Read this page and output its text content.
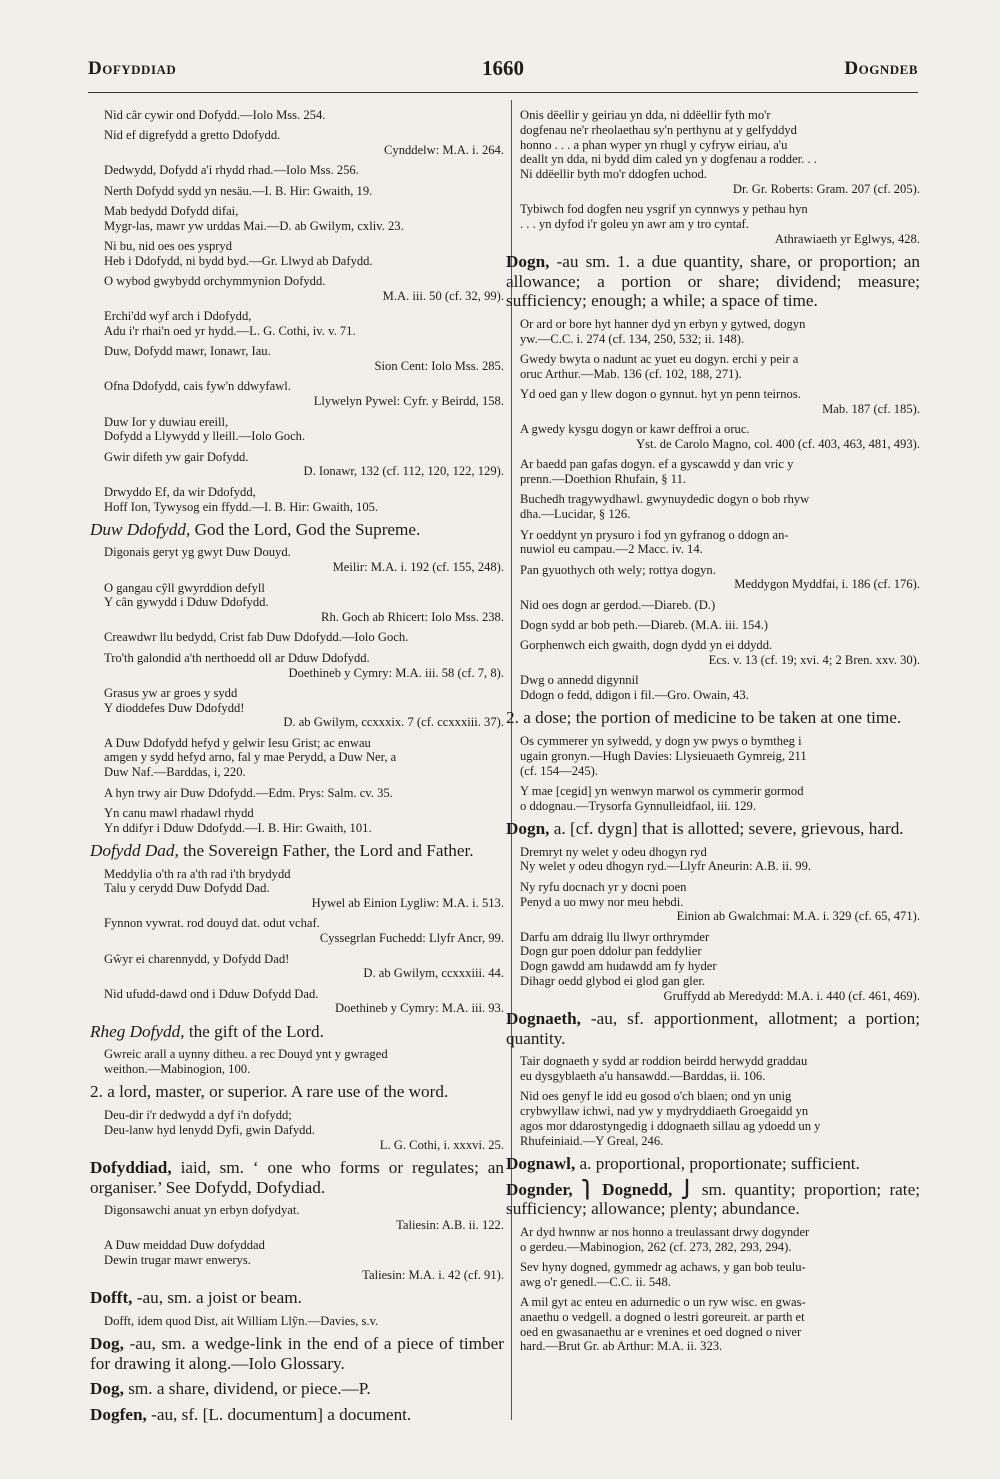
Dofyddiad	1660	Dogndeb
Nid câr cywir ond Dofydd.—Iolo Mss. 254.
Nid ef digrefydd a gretto Ddofydd.
Cynddelw: M.A. i. 264.
Dedwydd, Dofydd a'i rhydd rhad.—Iolo Mss. 256.
Nerth Dofydd sydd yn nesäu.—I. B. Hir: Gwaith, 19.
Mab bedydd Dofydd difai,
Mygr-las, mawr yw urddas Mai.—D. ab Gwilym, cxliv. 23.
Ni bu, nid oes oes yspryd
Heb i Ddofydd, ni bydd byd.—Gr. Llwyd ab Dafydd.
O wybod gwybydd orchymmynion Dofydd.
M.A. iii. 50 (cf. 32, 99).
Erchi'dd wyf arch i Ddofydd,
Adu i'r rhai'n oed yr hydd.—L. G. Cothi, iv. v. 71.
Duw, Dofydd mawr, Ionawr, Iau.
Sion Cent: Iolo Mss. 285.
Ofna Ddofydd, cais fyw'n ddwyfawl.
Llywelyn Pywel: Cyfr. y Beirdd, 158.
Duw Ior y duwiau ereill,
Dofydd a Llywydd y lleill.—Iolo Goch.
Gwir difeth yw gair Dofydd.
D. Ionawr, 132 (cf. 112, 120, 122, 129).
Drwyddo Ef, da wir Ddofydd,
Hoff Ion, Tywysog ein ffydd.—I. B. Hir: Gwaith, 105.
Duw Ddofydd, God the Lord, God the Supreme.
Digonais geryt yg gwyt Duw Douyd.
Meilir: M.A. i. 192 (cf. 155, 248).
O gangau cŷll gwyrddion defyll
Y cân gywydd i Dduw Ddofydd.
Rh. Goch ab Rhicert: Iolo Mss. 238.
Creawdwr llu bedydd, Crist fab Duw Ddofydd.—Iolo Goch.
Tro'th galondid a'th nerthoedd oll ar Dduw Ddofydd.
Doethineb y Cymry: M.A. iii. 58 (cf. 7, 8).
Grasus yw ar groes y sydd
Y dioddefes Duw Ddofydd!
D. ab Gwilym, ccxxxix. 7 (cf. ccxxxiii. 37).
A Duw Ddofydd hefyd y gelwir Iesu Grist; ac enwau
amgen y sydd hefyd arno, fal y mae Perydd, a Duw Ner, a
Duw Naf.—Barddas, i, 220.
A hyn trwy air Duw Ddofydd.—Edm. Prys: Salm. cv. 35.
Yn canu mawl rhadawl rhydd
Yn ddifyr i Dduw Ddofydd.—I. B. Hir: Gwaith, 101.
Dofydd Dad, the Sovereign Father, the Lord and Father.
Meddylia o'th ra a'th rad i'th brydydd
Talu y cerydd Duw Dofydd Dad.
Hywel ab Einion Lygliw: M.A. i. 513.
Fynnon vywrat. rod douyd dat. odut vchaf.
Cyssegrlan Fuchedd: Llyfr Ancr, 99.
Gŵyr ei charennydd, y Dofydd Dad!
D. ab Gwilym, ccxxxiii. 44.
Nid ufudd-dawd ond i Dduw Dofydd Dad.
Doethineb y Cymry: M.A. iii. 93.
Rheg Dofydd, the gift of the Lord.
Gwreic arall a uynny ditheu. a rec Douyd ynt y gwraged
weithon.—Mabinogion, 100.
2. a lord, master, or superior. A rare use of the word.
Deu-dir i'r dedwydd a dyf i'n dofydd;
Deu-lanw hyd lenydd Dyfi, gwin Dafydd.
L. G. Cothi, i. xxxvi. 25.
Dofyddiad, iaid, sm. ‘ one who forms or regulates; an organiser.’ See Dofydd, Dofydiad.
Digonsawchi anuat yn erbyn dofydyat.
Taliesin: A.B. ii. 122.
A Duw meiddad Duw dofyddad
Dewin trugar mawr enwerys.
Taliesin: M.A. i. 42 (cf. 91).
Dofft, -au, sm. a joist or beam.
Dofft, idem quod Dist, ait William Llŷn.—Davies, s.v.
Dog, -au, sm. a wedge-link in the end of a piece of timber for drawing it along.—Iolo Glossary.
Dog, sm. a share, dividend, or piece.—P.
Dogfen, -au, sf. [L. documentum] a document.
Onis dëellir y geiriau yn dda, ni ddëellir fyth mo'r
dogfenau ne'r rheolaethau sy'n perthynu at y gelfyddyd
honno . . . a phan wyper yn rhugl y cyfryw eiriau, a'u
deallt yn dda, ni bydd dim caled yn y dogfenau a rodder. . .
Ni ddëellir byth mo'r ddogfen uchod.
Dr. Gr. Roberts: Gram. 207 (cf. 205).
Tybiwch fod dogfen neu ysgrif yn cynnwys y pethau hyn
. . . yn dyfod i'r goleu yn awr am y tro cyntaf.
Athrawiaeth yr Eglwys, 428.
Dogn, -au sm. 1. a due quantity, share, or proportion; an allowance; a portion or share; dividend; measure; sufficiency; enough; a while; a space of time.
Or ard or bore hyt hanner dyd yn erbyn y gytwed, dogyn
yw.—C.C. i. 274 (cf. 134, 250, 532; ii. 148).
Gwedy bwyta o nadunt ac yuet eu dogyn. erchi y peir a
oruc Arthur.—Mab. 136 (cf. 102, 188, 271).
Yd oed gan y llew dogon o gynnut. hyt yn penn teirnos.
Mab. 187 (cf. 185).
A gwedy kysgu dogyn or kawr deffroi a oruc.
Yst. de Carolo Magno, col. 400 (cf. 403, 463, 481, 493).
Ar baedd pan gafas dogyn. ef a gyscawdd y dan vric y
prenn.—Doethion Rhufain, § 11.
Buchedh tragywydhawl. gwynuydedic dogyn o bob rhyw
dha.—Lucidar, § 126.
Yr oeddynt yn prysuro i fod yn gyfranog o ddogn an-
nuwiol eu campau.—2 Macc. iv. 14.
Pan gyuothych oth wely; rottya dogyn.
Meddygon Myddfai, i. 186 (cf. 176).
Nid oes dogn ar gerdod.—Diareb. (D.)
Dogn sydd ar bob peth.—Diareb. (M.A. iii. 154.)
Gorphenwch eich gwaith, dogn dydd yn ei ddydd.
Ecs. v. 13 (cf. 19; xvi. 4; 2 Bren. xxv. 30).
Dwg o annedd digynnil
Ddogn o fedd, ddigon i fil.—Gro. Owain, 43.
2. a dose; the portion of medicine to be taken at one time.
Os cymmerer yn sylwedd, y dogn yw pwys o bymtheg i
ugain gronyn.—Hugh Davies: Llysieuaeth Gymreig, 211
(cf. 154—245).
Y mae [cegid] yn wenwyn marwol os cymmerir gormod
o ddognau.—Trysorfa Gynnulleidfaol, iii. 129.
Dogn, a. [cf. dygn] that is allotted; severe, grievous, hard.
Dremryt ny welet y odeu dhogyn ryd
Ny welet y odeu dhogyn ryd.—Llyfr Aneurin: A.B. ii. 99.
Ny ryfu docnach yr y docni poen
Penyd a uo mwy nor meu hebdi.
Einion ab Gwalchmai: M.A. i. 329 (cf. 65, 471).
Darfu am ddraig llu llwyr orthrymder
Dogn gur poen ddolur pan feddylier
Dogn gawdd am hudawdd am fy hyder
Dihagr oedd glybod ei glod gan gler.
Gruffydd ab Meredydd: M.A. i. 440 (cf. 461, 469).
Dognaeth, -au, sf. apportionment, allotment; a portion; quantity.
Tair dognaeth y sydd ar roddion beirdd herwydd graddau
eu dysgyblaeth a'u hansawdd.—Barddas, ii. 106.
Nid oes genyf le idd eu gosod o'ch blaen; ond yn unig
crybwyllaw ichwi, nad yw y mydryddiaeth Groegaidd yn
agos mor ddarostyngedig i ddognaeth sillau ag ydoedd un y
Rhufeiniaid.—Y Greal, 246.
Dognawl, a. proportional, proportionate; sufficient.
Dognder, ⎫ Dognedd, ⎭ sm. quantity; proportion; rate; sufficiency; allowance; plenty; abundance.
Ar dyd hwnnw ar nos honno a treulassant drwy dogynder
o gerdeu.—Mabinogion, 262 (cf. 273, 282, 293, 294).
Sev hyny dogned, gymmedr ag achaws, y gan bob teulu-
awg o'r genedl.—C.C. ii. 548.
A mil gyt ac enteu en adurnedic o un ryw wisc. en gwas-
anaethu o vedgell. a dogned o lestri goreureit. ar parth et
oed en gwasanaethu ar e vrenines et oed dogned o niver
hard.—Brut Gr. ab Arthur: M.A. ii. 323.
